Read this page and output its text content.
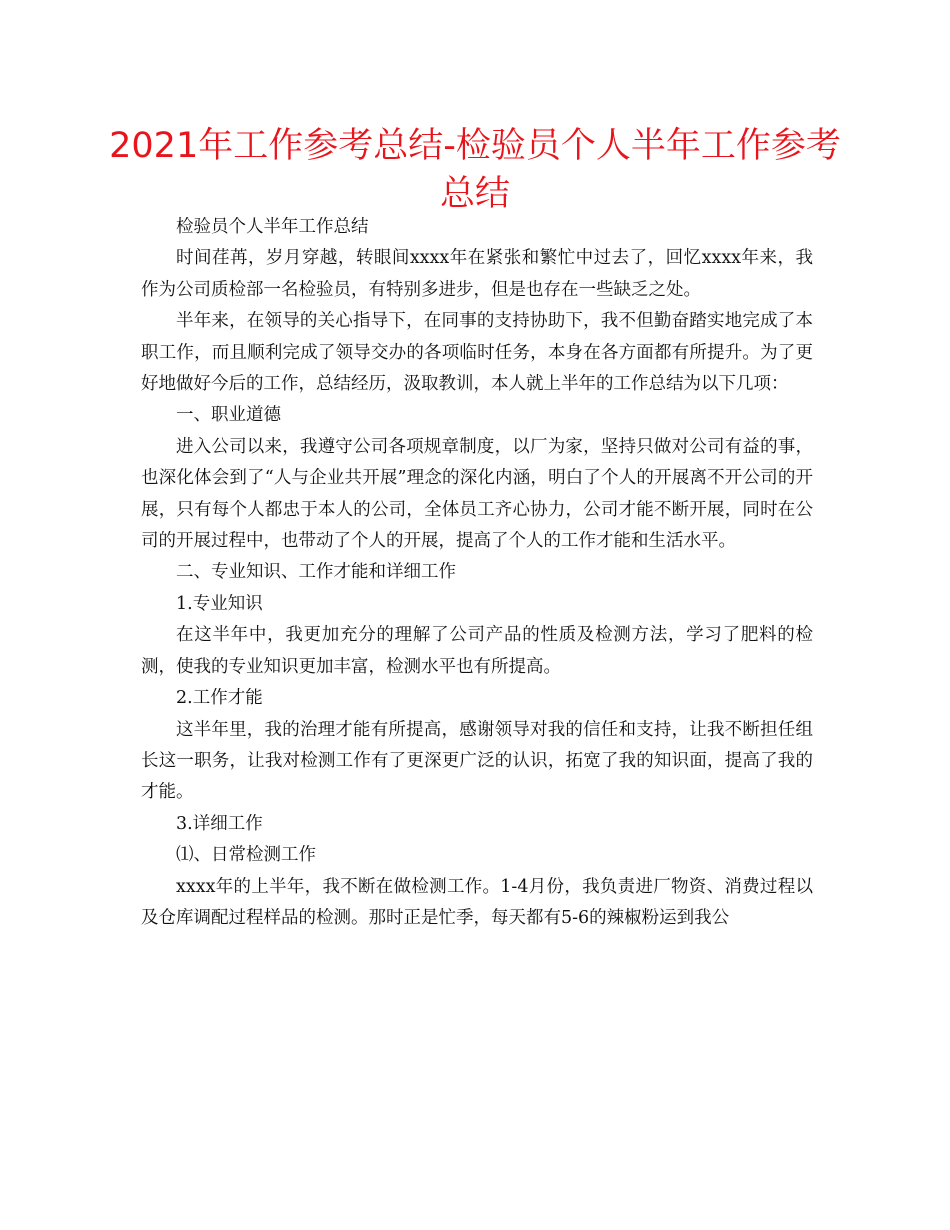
2021年工作参考总结-检验员个人半年工作参考
总结

检验员个人半年工作总结

时间荏苒，岁月穿越，转眼间xxxx年在紧张和繁忙中过去了，回忆xxxx年来，我作为公司质检部一名检验员，有特别多进步，但是也存在一些缺乏之处。

半年来，在领导的关心指导下，在同事的支持协助下，我不但勤奋踏实地完成了本职工作，而且顺利完成了领导交办的各项临时任务，本身在各方面都有所提升。为了更好地做好今后的工作，总结经历，汲取教训，本人就上半年的工作总结为以下几项：

一、职业道德

进入公司以来，我遵守公司各项规章制度，以厂为家，坚持只做对公司有益的事，也深化体会到了“人与企业共开展”理念的深化内涵，明白了个人的开展离不开公司的开展，只有每个人都忠于本人的公司，全体员工齐心协力，公司才能不断开展，同时在公司的开展过程中，也带动了个人的开展，提高了个人的工作才能和生活水平。

二、专业知识、工作才能和详细工作

1.专业知识

在这半年中，我更加充分的理解了公司产品的性质及检测方法，学习了肥料的检测，使我的专业知识更加丰富，检测水平也有所提高。

2.工作才能

这半年里，我的治理才能有所提高，感谢领导对我的信任和支持，让我不断担任组长这一职务，让我对检测工作有了更深更广泛的认识，拓宽了我的知识面，提高了我的才能。

3.详细工作

⑴、日常检测工作

xxxx年的上半年，我不断在做检测工作。1-4月份，我负责进厂物资、消费过程以及仓库调配过程样品的检测。那时正是忙季，每天都有5-6的辣椒粉运到我公
